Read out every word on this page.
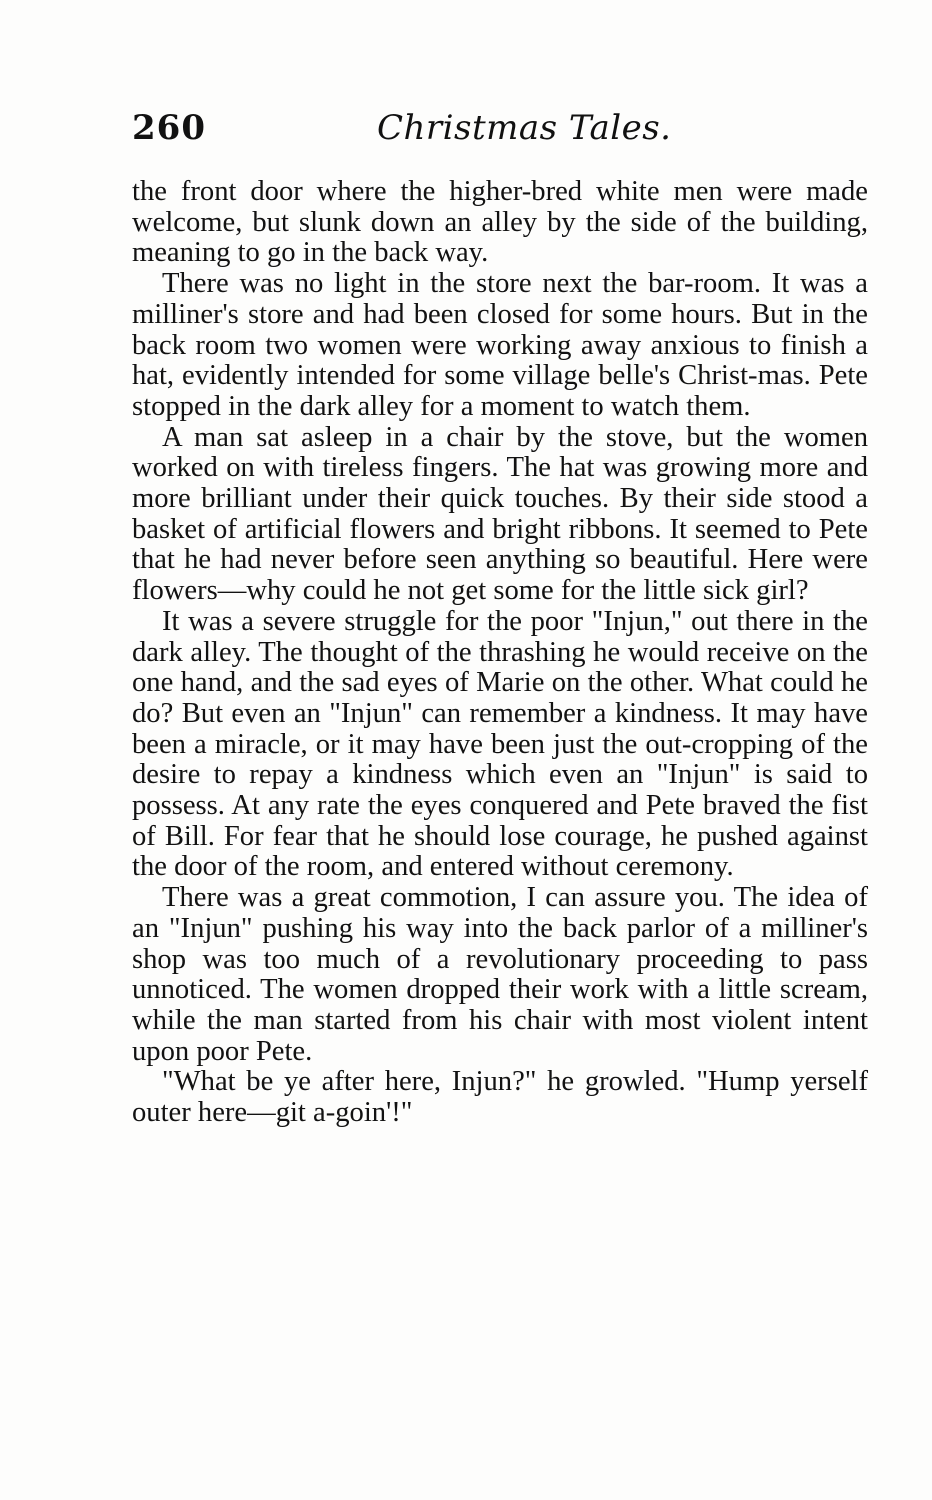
260	Christmas Tales.

the front door where the higher-bred white men were made welcome, but slunk down an alley by the side of the building, meaning to go in the back way.

There was no light in the store next the bar-room. It was a milliner's store and had been closed for some hours. But in the back room two women were working away anxious to finish a hat, evidently intended for some village belle's Christ-mas. Pete stopped in the dark alley for a moment to watch them.

A man sat asleep in a chair by the stove, but the women worked on with tireless fingers. The hat was growing more and more brilliant under their quick touches. By their side stood a basket of artificial flowers and bright ribbons. It seemed to Pete that he had never before seen anything so beautiful. Here were flowers—why could he not get some for the little sick girl?

It was a severe struggle for the poor "Injun," out there in the dark alley. The thought of the thrashing he would receive on the one hand, and the sad eyes of Marie on the other. What could he do? But even an "Injun" can remember a kindness. It may have been a miracle, or it may have been just the out-cropping of the desire to repay a kindness which even an "Injun" is said to possess. At any rate the eyes conquered and Pete braved the fist of Bill. For fear that he should lose courage, he pushed against the door of the room, and entered without ceremony.

There was a great commotion, I can assure you. The idea of an "Injun" pushing his way into the back parlor of a milliner's shop was too much of a revolutionary proceeding to pass unnoticed. The women dropped their work with a little scream, while the man started from his chair with most violent intent upon poor Pete.

"What be ye after here, Injun?" he growled. "Hump yerself outer here—git a-goin'!"
